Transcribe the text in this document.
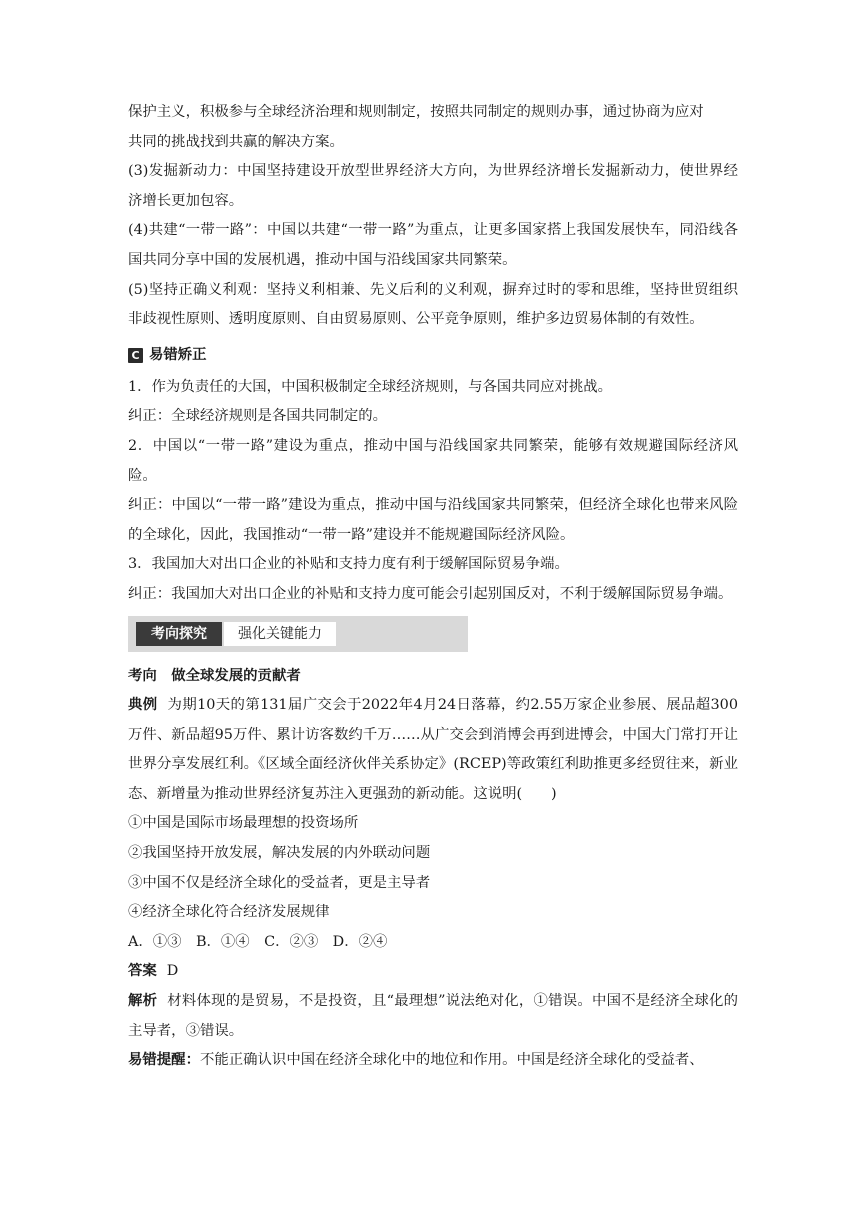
保护主义，积极参与全球经济治理和规则制定，按照共同制定的规则办事，通过协商为应对

共同的挑战找到共赢的解决方案。

(3)发掘新动力：中国坚持建设开放型世界经济大方向，为世界经济增长发掘新动力，使世界经济增长更加包容。

(4)共建“一带一路”：中国以共建“一带一路”为重点，让更多国家搭上我国发展快车，同沿线各国共同分享中国的发展机遇，推动中国与沿线国家共同繁荣。

(5)坚持正确义利观：坚持义利相兼、先义后利的义利观，摒弃过时的零和思维，坚持世贸组织非歧视性原则、透明度原则、自由贸易原则、公平竞争原则，维护多边贸易体制的有效性。

C 易错矫正

1．作为负责任的大国，中国积极制定全球经济规则，与各国共同应对挑战。

纠正：全球经济规则是各国共同制定的。

2．中国以“一带一路”建设为重点，推动中国与沿线国家共同繁荣，能够有效规避国际经济风险。

纠正：中国以“一带一路”建设为重点，推动中国与沿线国家共同繁荣，但经济全球化也带来风险的全球化，因此，我国推动“一带一路”建设并不能规避国际经济风险。

3．我国加大对出口企业的补贴和支持力度有利于缓解国际贸易争端。

纠正：我国加大对出口企业的补贴和支持力度可能会引起别国反对，不利于缓解国际贸易争端。

考向探究	强化关键能力

考向　 做全球发展的贡献者

典例 为期10天的第131届广交会于2022年4月24日落幕，约2.55万家企业参展、展品超300万件、新品超95万件、累计访客数约千万……从广交会到消博会再到进博会，中国大门常打开让世界分享发展红利。《区域全面经济伙伴关系协定》(RCEP)等政策红利助推更多经贸往来，新业态、新增量为推动世界经济复苏注入更强劲的新动能。这说明(　　)

①中国是国际市场最理想的投资场所

②我国坚持开放发展，解决发展的内外联动问题

③中国不仅是经济全球化的受益者，更是主导者

④经济全球化符合经济发展规律

A．①③　B．①④　C．②③　D．②④

答案 D

解析 材料体现的是贸易，不是投资，且“最理想”说法绝对化，①错误。中国不是经济全球化的主导者，③错误。

易错提醒：不能正确认识中国在经济全球化中的地位和作用。中国是经济全球化的受益者、
